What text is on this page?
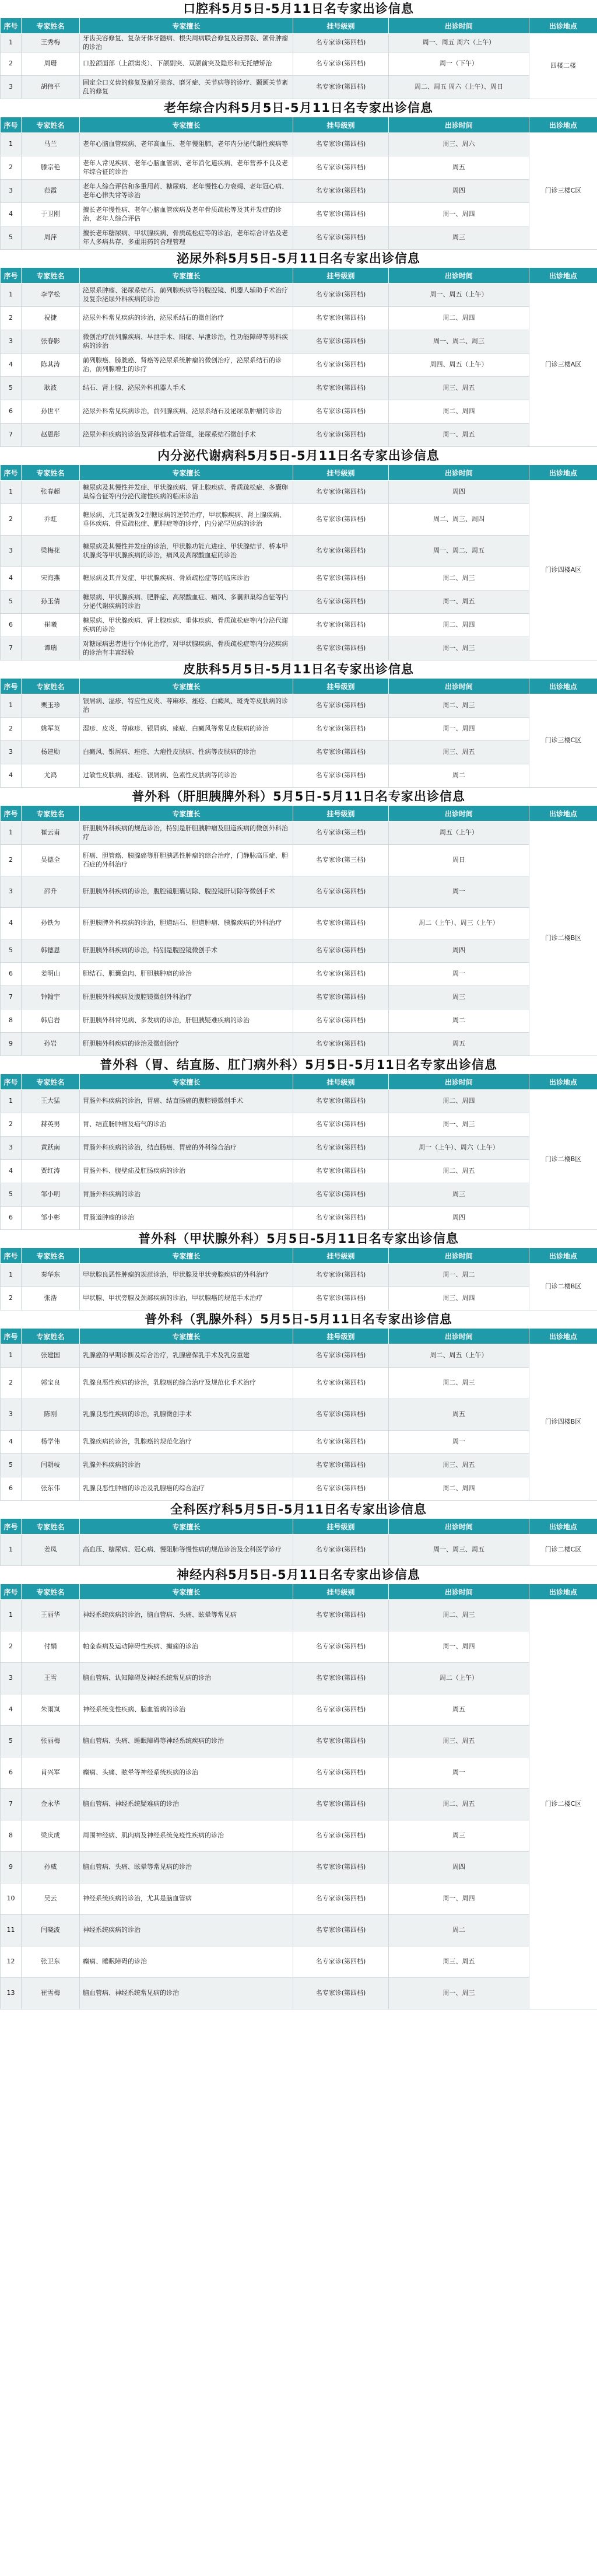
口腔科5月5日-5月11日名专家出诊信息
序号	专家姓名	专家擅长	挂号级别	出诊时间	出诊地点
1	王秀梅	牙齿美容修复、复杂牙体牙髓病、根尖周病联合修复及唇腭裂、颌骨肿瘤的诊治	名专家诊(第四档)	周一、周五 周六（上午）	四楼二楼
2	周珊	口腔颌面部（上颌窦炎）、下颌副突、双颌前突及隐形和无托槽矫治	名专家诊(第四档)	周一（下午）	
3	胡伟平	固定全口义齿的修复及前牙美容、磨牙症、关节病等的诊疗、颞颌关节紊乱的修复	名专家诊(第四档)	周二、周五 周六（上午）、周日	
老年综合内科5月5日-5月11日名专家出诊信息
序号	专家姓名	专家擅长	挂号级别	出诊时间	出诊地点
1	马兰	老年心脑血管疾病、老年高血压、老年慢阻肺、老年内分泌代谢性疾病等	名专家诊(第四档)	周三、周六	门诊三楼C区
2	滕宗艳	老年人常见疾病、老年心脑血管病、老年消化道疾病、老年营养不良及老年综合征的诊治	名专家诊(第四档)	周五	
3	范霞	老年人综合评估和多重用药、糖尿病、老年慢性心力衰竭、老年冠心病、老年心律失常等诊治	名专家诊(第四档)	周四	
4	于卫刚	擅长老年慢性病、老年心脑血管疾病及老年骨质疏松等及其并发症的诊治，老年人综合评估	名专家诊(第四档)	周一、周四	
5	周萍	擅长老年糖尿病、甲状腺疾病、骨质疏松症等的诊治，老年综合评估及老年人多病共存、多重用药的合理管理	名专家诊(第四档)	周三	
泌尿外科5月5日-5月11日名专家出诊信息
序号	专家姓名	专家擅长	挂号级别	出诊时间	出诊地点
1	李学松	泌尿系肿瘤、泌尿系结石、前列腺疾病等的腹腔镜、机器人辅助手术治疗及复杂泌尿外科疾病的诊治	名专家诊(第四档)	周一、周五（上午）	门诊三楼A区
2	祝捷	泌尿外科常见疾病的诊治，泌尿系结石的微创治疗	名专家诊(第四档)	周二、周四	
3	张春影	微创治疗前列腺疾病、早泄手术、阳痿、早泄诊治，性功能障碍等男科疾病的诊治	名专家诊(第四档)	周一、周二、周三	
4	陈其涛	前列腺癌、膀胱癌、肾癌等泌尿系统肿瘤的微创治疗，泌尿系结石的诊治，前列腺增生的诊疗	名专家诊(第四档)	周四、周五（上午）	
5	耿波	结石、肾上腺、泌尿外科机器人手术	名专家诊(第四档)	周三、周五	
6	孙世平	泌尿外科常见疾病诊治，前列腺疾病、泌尿系结石及泌尿系肿瘤的诊治	名专家诊(第四档)	周二、周四	
7	赵恩彤	泌尿外科疾病的诊治及肾移植术后管理，泌尿系结石微创手术	名专家诊(第四档)	周一、周五	
内分泌代谢病科5月5日-5月11日名专家出诊信息
序号	专家姓名	专家擅长	挂号级别	出诊时间	出诊地点
1	张春超	糖尿病及其慢性并发症、甲状腺疾病、肾上腺疾病、骨质疏松症、多囊卵巢综合征等内分泌代谢性疾病的临床诊治	名专家诊(第四档)	周四	门诊四楼A区
2	乔虹	糖尿病、尤其是新发2型糖尿病的逆转治疗，甲状腺疾病、肾上腺疾病、垂体疾病、骨质疏松症、肥胖症等的诊疗，内分泌罕见病的诊治	名专家诊(第四档)	周二、周三、周四	
3	梁梅花	糖尿病及其慢性并发症的诊治，甲状腺功能亢进症、甲状腺结节、桥本甲状腺炎等甲状腺疾病的诊治，痛风及高尿酸血症的诊治	名专家诊(第四档)	周一、周二、周五	
4	宋海燕	糖尿病及其并发症、甲状腺疾病、骨质疏松症等的临床诊治	名专家诊(第四档)	周二、周三	
5	孙玉倩	糖尿病、甲状腺疾病、肥胖症、高尿酸血症、痛风、多囊卵巢综合征等内分泌代谢疾病的诊治	名专家诊(第四档)	周一、周五	
6	崔曦	糖尿病、甲状腺疾病、肾上腺疾病、垂体疾病、骨质疏松症等内分泌代谢疾病的诊治	名专家诊(第四档)	周二、周四	
7	谭瑞	对糖尿病患者进行个体化治疗，对甲状腺疾病、骨质疏松症等内分泌疾病的诊治有丰富经验	名专家诊(第四档)	周一、周三	
皮肤科5月5日-5月11日名专家出诊信息
序号	专家姓名	专家擅长	挂号级别	出诊时间	出诊地点
1	栗玉珍	银屑病、湿疹、特应性皮炎、荨麻疹、痤疮、白癜风、斑秃等皮肤病的诊治	名专家诊(第四档)	周二、周三	门诊三楼C区
2	姚军英	湿疹、皮炎、荨麻疹、银屑病、痤疮、白癜风等常见皮肤病的诊治	名专家诊(第四档)	周一、周四	
3	杨建勋	白癜风、银屑病、痤疮、大疱性皮肤病、性病等皮肤病的诊治	名专家诊(第四档)	周三、周五	
4	尤鸿	过敏性皮肤病、痤疮、银屑病、色素性皮肤病等的诊治	名专家诊(第四档)	周二	
普外科（肝胆胰脾外科）5月5日-5月11日名专家出诊信息
序号	专家姓名	专家擅长	挂号级别	出诊时间	出诊地点
1	崔云甫	肝胆胰外科疾病的规范诊治，特别是肝胆胰肿瘤及胆道疾病的微创外科治疗	名专家诊(第三档)	周五（上午）	门诊二楼B区
2	吴德全	肝癌、胆管癌、胰腺癌等肝胆胰恶性肿瘤的综合治疗，门静脉高压症、胆石症的外科治疗	名专家诊(第三档)	周日	
3	邵升	肝胆胰外科疾病的诊治，腹腔镜胆囊切除、腹腔镜肝切除等微创手术	名专家诊(第四档)	周一	
4	孙铁为	肝胆胰脾外科疾病的诊治，胆道结石、胆道肿瘤、胰腺疾病的外科治疗	名专家诊(第四档)	周二（上午）、周三（上午）	
5	韩德恩	肝胆胰外科疾病的诊治，特别是腹腔镜微创手术	名专家诊(第四档)	周四	
6	姜明山	胆结石、胆囊息肉、肝胆胰肿瘤的诊治	名专家诊(第四档)	周一	
7	钟翰宇	肝胆胰外科疾病及腹腔镜微创外科治疗	名专家诊(第四档)	周三	
8	韩启岩	肝胆胰外科常见病、多发病的诊治，肝胆胰疑难疾病的诊治	名专家诊(第四档)	周二	
9	孙岩	肝胆胰外科疾病的诊治及微创治疗	名专家诊(第四档)	周五	
普外科（胃、结直肠、肛门病外科）5月5日-5月11日名专家出诊信息
序号	专家姓名	专家擅长	挂号级别	出诊时间	出诊地点
1	王大猛	胃肠外科疾病的诊治，胃癌、结直肠癌的腹腔镜微创手术	名专家诊(第四档)	周二、周四	门诊二楼B区
2	赫英男	胃、结直肠肿瘤及疝气的诊治	名专家诊(第四档)	周一、周三	
3	黄跃南	胃肠外科疾病的诊治，结直肠癌、胃癌的外科综合治疗	名专家诊(第四档)	周一（上午）、周六（上午）	
4	贾红涛	胃肠外科、腹壁疝及肛肠疾病的诊治	名专家诊(第四档)	周二、周五	
5	邹小明	胃肠外科疾病的诊治	名专家诊(第四档)	周三	
6	邹小彬	胃肠道肿瘤的诊治	名专家诊(第四档)	周四	
普外科（甲状腺外科）5月5日-5月11日名专家出诊信息
序号	专家姓名	专家擅长	挂号级别	出诊时间	出诊地点
1	秦华东	甲状腺良恶性肿瘤的规范诊治，甲状腺及甲状旁腺疾病的外科治疗	名专家诊(第四档)	周一、周二	门诊二楼B区
2	张浩	甲状腺、甲状旁腺及颈部疾病的诊治，甲状腺癌的规范手术治疗	名专家诊(第四档)	周三、周四	
普外科（乳腺外科）5月5日-5月11日名专家出诊信息
序号	专家姓名	专家擅长	挂号级别	出诊时间	出诊地点
1	张建国	乳腺癌的早期诊断及综合治疗，乳腺癌保乳手术及乳房重建	名专家诊(第四档)	周二、周五（上午）	门诊四楼B区
2	郭宝良	乳腺良恶性疾病的诊治，乳腺癌的综合治疗及规范化手术治疗	名专家诊(第四档)	周二、周三	
3	陈刚	乳腺良恶性疾病的诊治，乳腺微创手术	名专家诊(第四档)	周五	
4	杨学伟	乳腺疾病的诊治，乳腺癌的规范化治疗	名专家诊(第四档)	周一	
5	闫朝岐	乳腺外科疾病的诊治	名专家诊(第四档)	周三、周五	
6	张东伟	乳腺良恶性肿瘤的诊治及乳腺癌的综合治疗	名专家诊(第四档)	周二、周四	
全科医疗科5月5日-5月11日名专家出诊信息
序号	专家姓名	专家擅长	挂号级别	出诊时间	出诊地点
1	姜凤	高血压、糖尿病、冠心病、慢阻肺等慢性病的规范诊治及全科医学诊疗	名专家诊(第四档)	周一、周三、周五	门诊二楼C区
神经内科5月5日-5月11日名专家出诊信息
序号	专家姓名	专家擅长	挂号级别	出诊时间	出诊地点
1	王丽华	神经系统疾病的诊治，脑血管病、头痛、眩晕等常见病	名专家诊(第四档)	周二、周三	门诊二楼C区
2	付娟	帕金森病及运动障碍性疾病、癫痫的诊治	名专家诊(第四档)	周一、周四	
3	王雪	脑血管病、认知障碍及神经系统常见病的诊治	名专家诊(第四档)	周二（上午）	
4	朱雨岚	神经系统变性疾病、脑血管病的诊治	名专家诊(第四档)	周五	
5	张丽梅	脑血管病、头痛、睡眠障碍等神经系统疾病的诊治	名专家诊(第四档)	周三、周五	
6	肖兴军	癫痫、头痛、眩晕等神经系统疾病的诊治	名专家诊(第四档)	周一	
7	金永华	脑血管病、神经系统疑难病的诊治	名专家诊(第四档)	周二、周五	
8	梁庆成	周围神经病、肌肉病及神经系统免疫性疾病的诊治	名专家诊(第四档)	周三	
9	孙威	脑血管病、头痛、眩晕等常见病的诊治	名专家诊(第四档)	周四	
10	吴云	神经系统疾病的诊治，尤其是脑血管病	名专家诊(第四档)	周一、周四	
11	闫晓波	神经系统疾病的诊治	名专家诊(第四档)	周二	
12	张卫东	癫痫、睡眠障碍的诊治	名专家诊(第四档)	周三、周五	
13	崔雪梅	脑血管病、神经系统常见病的诊治	名专家诊(第四档)	周一、周三	
